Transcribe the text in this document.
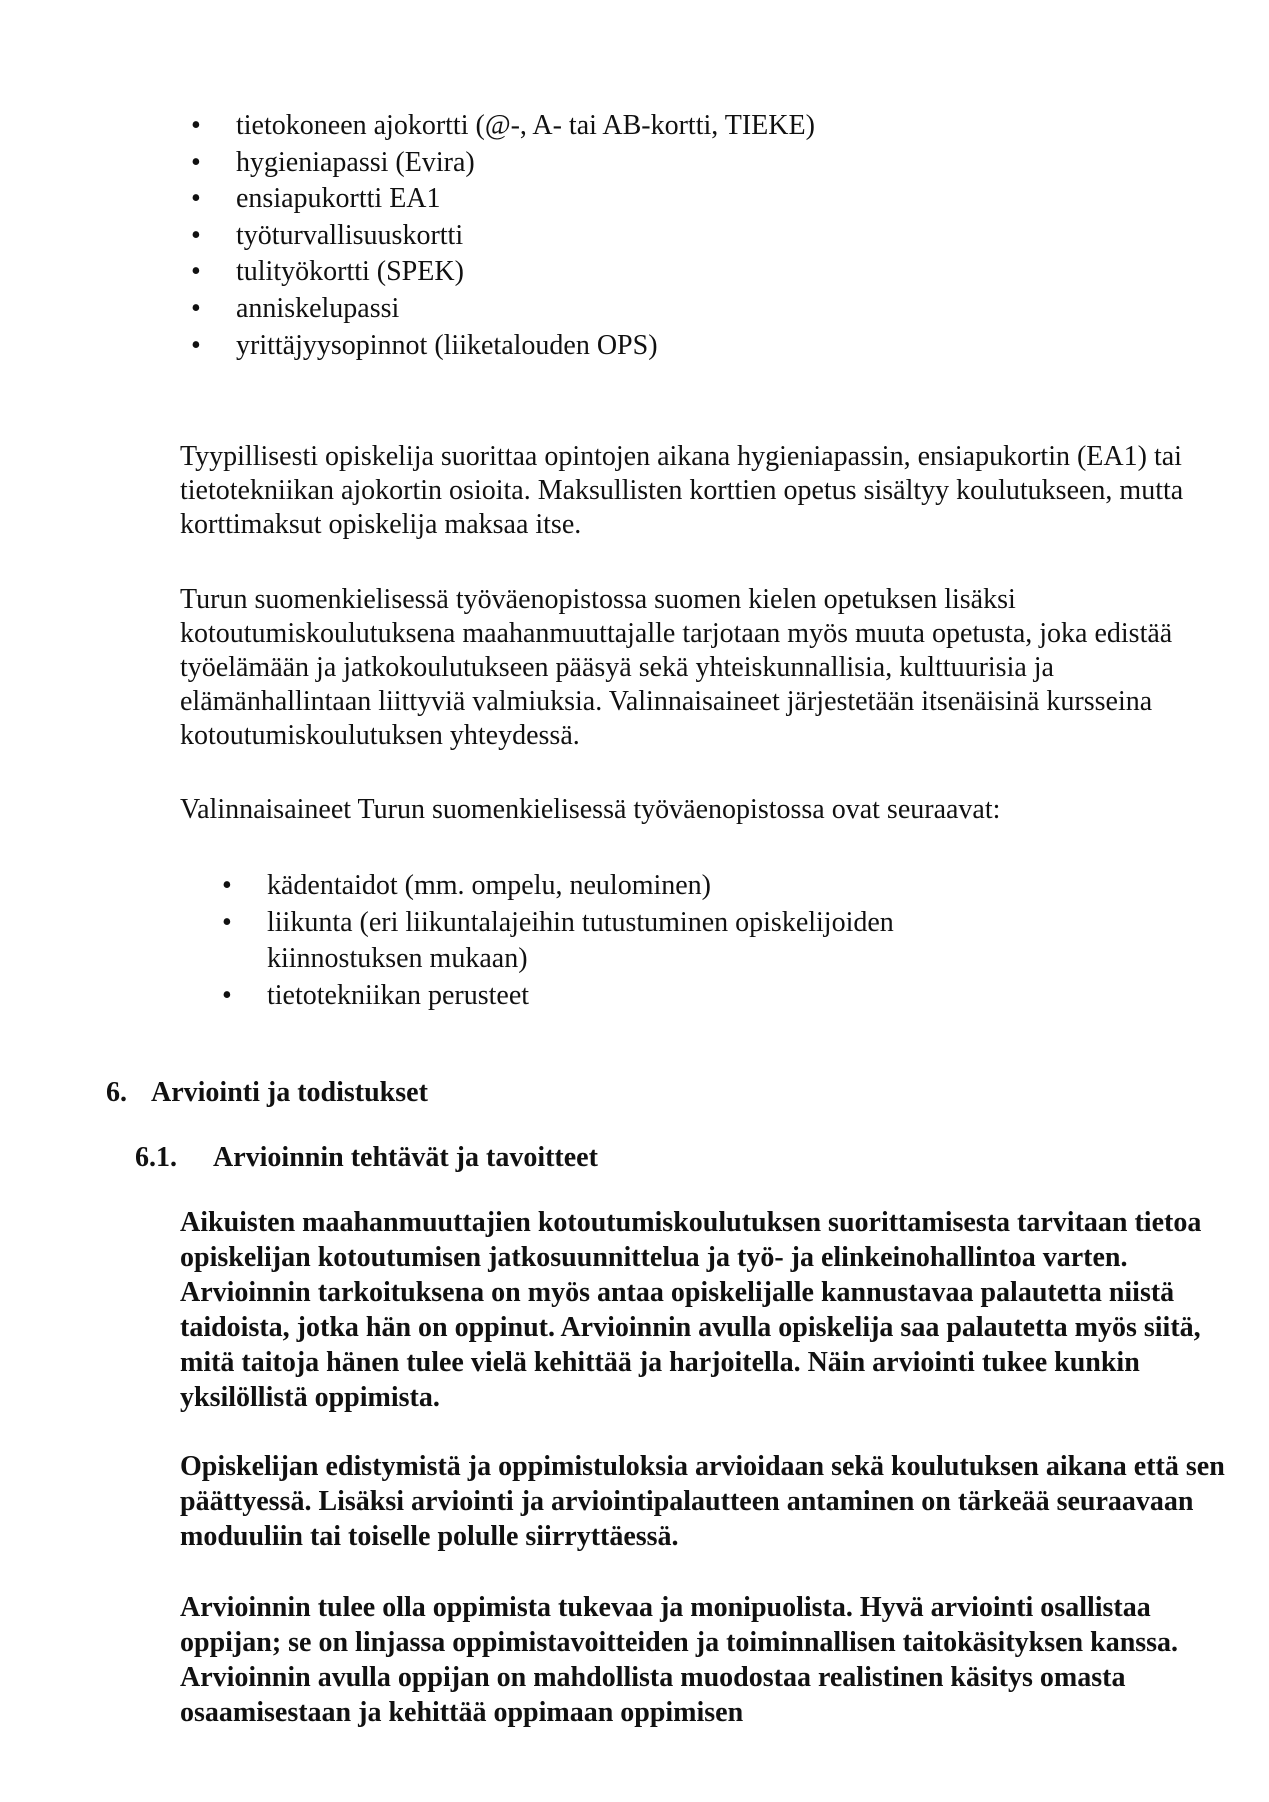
• tietokoneen ajokortti (@-, A- tai AB-kortti, TIEKE)
• hygieniapassi (Evira)
• ensiapukortti EA1
• työturvallisuuskortti
• tulityökortti (SPEK)
• anniskelupassi
• yrittäjyysopinnot (liiketalouden OPS)

Tyypillisesti opiskelija suorittaa opintojen aikana hygieniapassin, ensiapukortin (EA1) tai tietotekniikan ajokortin osioita. Maksullisten korttien opetus sisältyy koulutukseen, mutta korttimaksut opiskelija maksaa itse.

Turun suomenkielisessä työväenopistossa suomen kielen opetuksen lisäksi kotoutumiskoulutuksena maahanmuuttajalle tarjotaan myös muuta opetusta, joka edistää työelämään ja jatkokoulutukseen pääsyä sekä yhteiskunnallisia, kulttuurisia ja elämänhallintaan liittyviä valmiuksia. Valinnaisaineet järjestetään itsenäisinä kursseina kotoutumiskoulutuksen yhteydessä.

Valinnaisaineet Turun suomenkielisessä työväenopistossa ovat seuraavat:

• kädentaidot (mm. ompelu, neulominen)
• liikunta (eri liikuntalajeihin tutustuminen opiskelijoiden kiinnostuksen mukaan)
• tietotekniikan perusteet
6. Arviointi ja todistukset
6.1. Arvioinnin tehtävät ja tavoitteet

Aikuisten maahanmuuttajien kotoutumiskoulutuksen suorittamisesta tarvitaan tietoa opiskelijan kotoutumisen jatkosuunnittelua ja työ- ja elinkeinohallintoa varten. Arvioinnin tarkoituksena on myös antaa opiskelijalle kannustavaa palautetta niistä taidoista, jotka hän on oppinut. Arvioinnin avulla opiskelija saa palautetta myös siitä, mitä taitoja hänen tulee vielä kehittää ja harjoitella. Näin arviointi tukee kunkin yksilöllistä oppimista.

Opiskelijan edistymistä ja oppimistuloksia arvioidaan sekä koulutuksen aikana että sen päättyessä. Lisäksi arviointi ja arviointipalautteen antaminen on tärkeää seuraavaan moduuliin tai toiselle polulle siirryttäessä.

Arvioinnin tulee olla oppimista tukevaa ja monipuolista. Hyvä arviointi osallistaa oppijan; se on linjassa oppimistavoitteiden ja toiminnallisen taitokäsityksen kanssa. Arvioinnin avulla oppijan on mahdollista muodostaa realistinen käsitys omasta osaamisestaan ja kehittää oppimaan oppimisen
